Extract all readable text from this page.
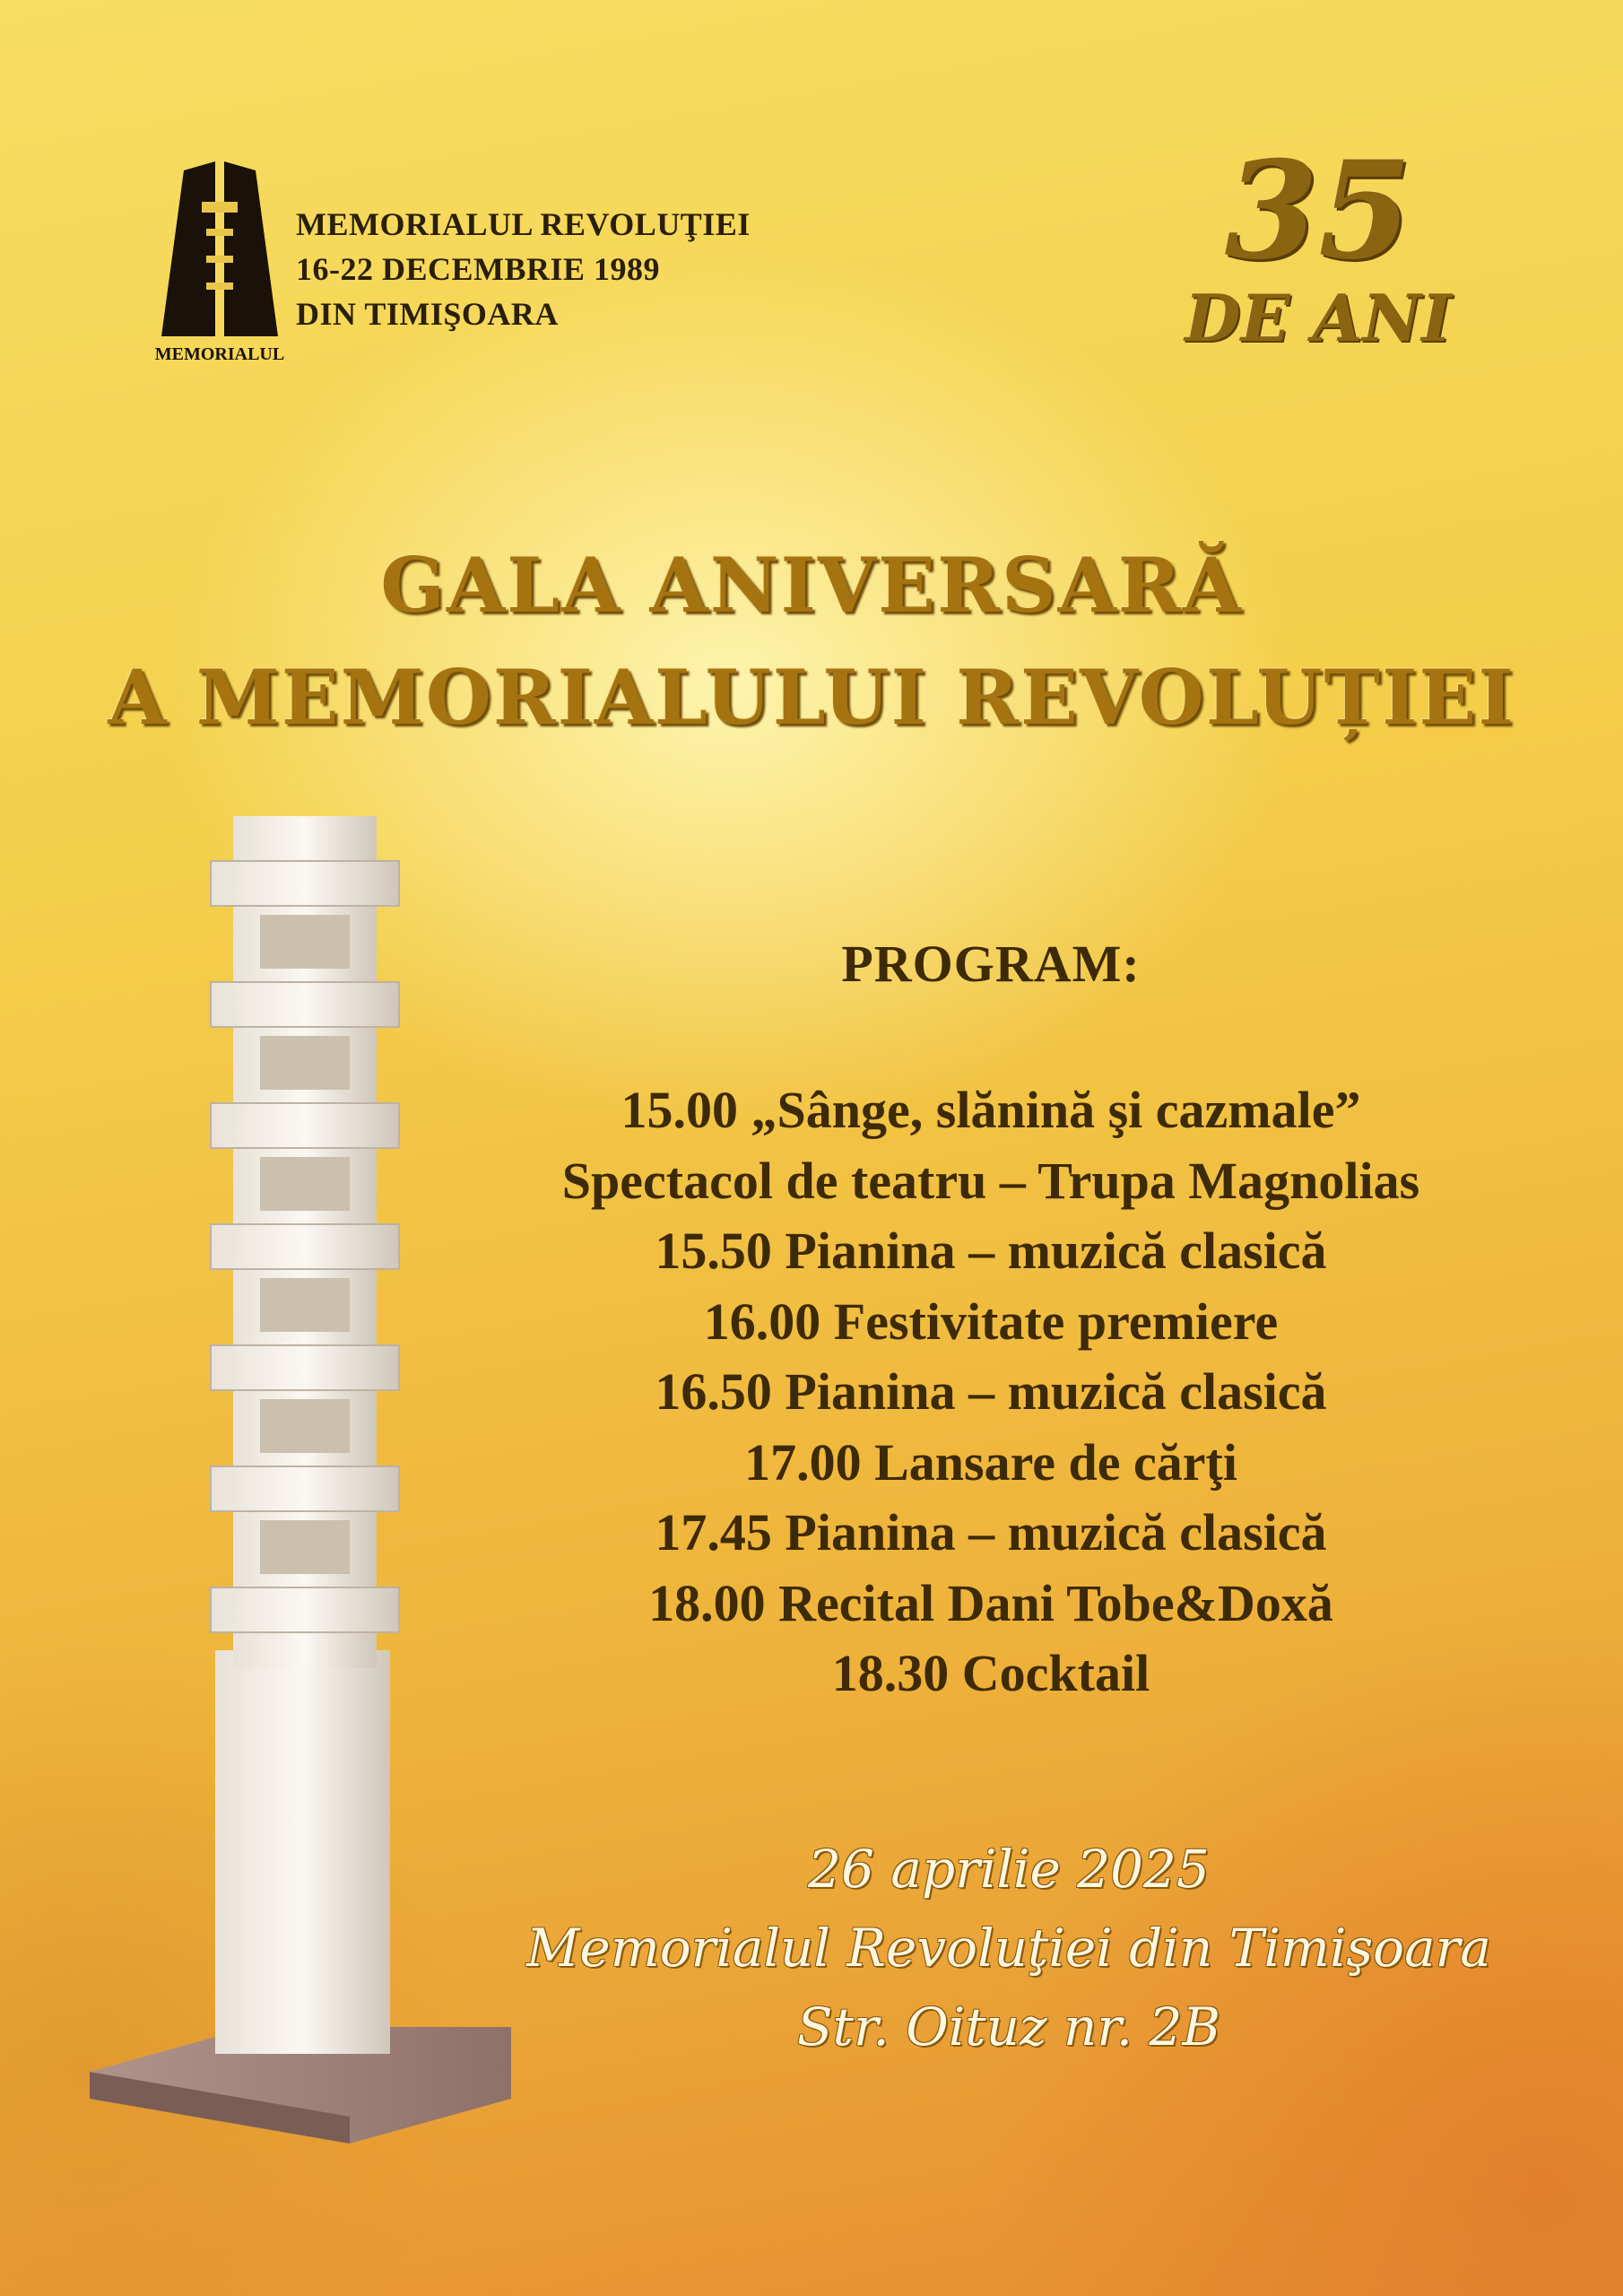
MEMORIALUL
MEMORIALUL REVOLUŢIEI
16-22 DECEMBRIE 1989
DIN TIMIŞOARA
35
DE ANI
GALA ANIVERSARĂ
A MEMORIALULUI REVOLUȚIEI
PROGRAM:
15.00 „Sânge, slănină şi cazmale”
Spectacol de teatru – Trupa Magnolias
15.50 Pianina – muzică clasică
16.00 Festivitate premiere
16.50 Pianina – muzică clasică
17.00 Lansare de cărţi
17.45 Pianina – muzică clasică
18.00 Recital Dani Tobe&Doxă
18.30 Cocktail
26 aprilie 2025
Memorialul Revoluţiei din Timişoara
Str. Oituz nr. 2B
